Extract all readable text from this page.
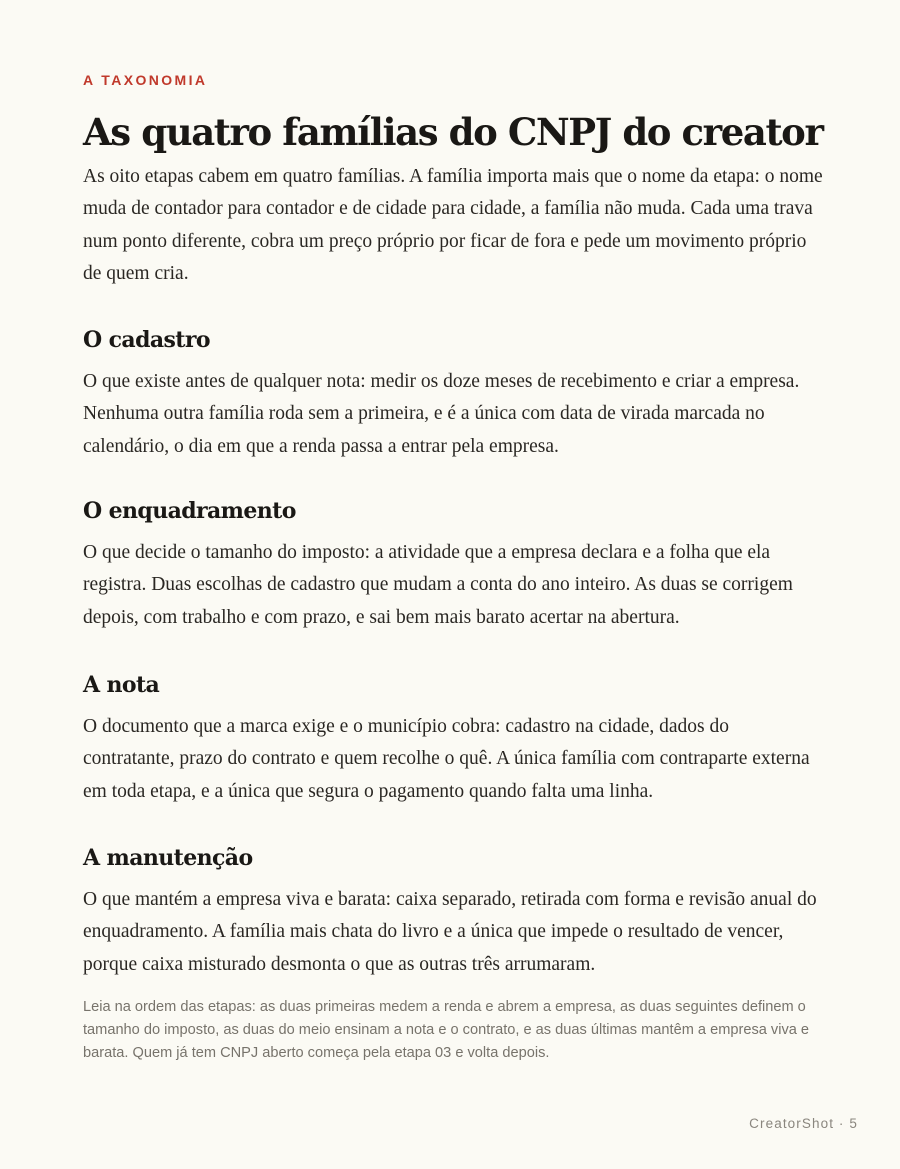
A TAXONOMIA
As quatro famílias do CNPJ do creator

As oito etapas cabem em quatro famílias. A família importa mais que o nome da etapa: o nome muda de contador para contador e de cidade para cidade, a família não muda. Cada uma trava num ponto diferente, cobra um preço próprio por ficar de fora e pede um movimento próprio de quem cria.

O cadastro

O que existe antes de qualquer nota: medir os doze meses de recebimento e criar a empresa. Nenhuma outra família roda sem a primeira, e é a única com data de virada marcada no calendário, o dia em que a renda passa a entrar pela empresa.

O enquadramento

O que decide o tamanho do imposto: a atividade que a empresa declara e a folha que ela registra. Duas escolhas de cadastro que mudam a conta do ano inteiro. As duas se corrigem depois, com trabalho e com prazo, e sai bem mais barato acertar na abertura.

A nota

O documento que a marca exige e o município cobra: cadastro na cidade, dados do contratante, prazo do contrato e quem recolhe o quê. A única família com contraparte externa em toda etapa, e a única que segura o pagamento quando falta uma linha.

A manutenção

O que mantém a empresa viva e barata: caixa separado, retirada com forma e revisão anual do enquadramento. A família mais chata do livro e a única que impede o resultado de vencer, porque caixa misturado desmonta o que as outras três arrumaram.

Leia na ordem das etapas: as duas primeiras medem a renda e abrem a empresa, as duas seguintes definem o tamanho do imposto, as duas do meio ensinam a nota e o contrato, e as duas últimas mantêm a empresa viva e barata. Quem já tem CNPJ aberto começa pela etapa 03 e volta depois.

CreatorShot · 5
